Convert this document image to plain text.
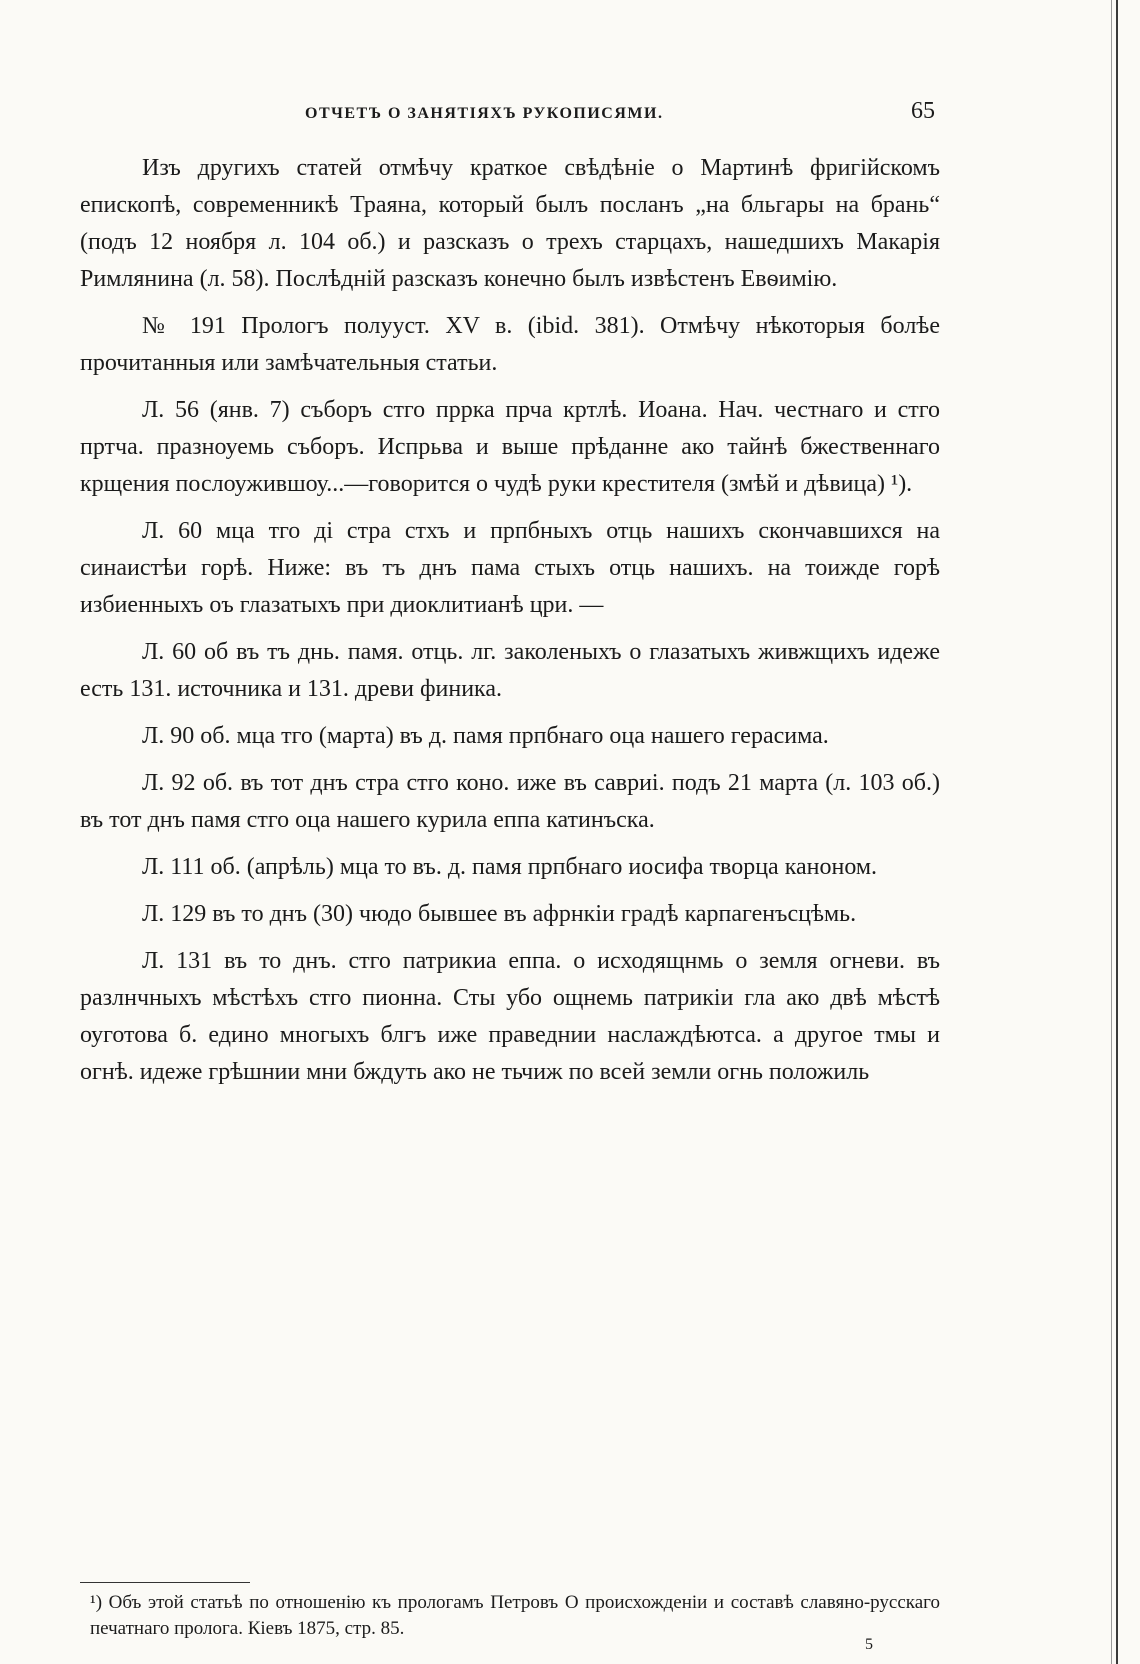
ОТЧЕТЪ О ЗАНЯТІЯХЪ РУКОПИСЯМИ.	65

Изъ другихъ статей отмѣчу краткое свѣдѣніе о Мартинѣ фригійскомъ епископѣ, современникѣ Траяна, который былъ посланъ „на бльгары на брань“ (подъ 12 ноября л. 104 об.) и разсказъ о трехъ старцахъ, нашедшихъ Макарія Римлянина (л. 58). Послѣдній разсказъ конечно былъ извѣстенъ Евѳимію.

№ 191 Прологъ полууст. XV в. (ibid. 381). Отмѣчу нѣкоторыя болѣе прочитанныя или замѣчательныя статьи.

Л. 56 (янв. 7) съборъ стго пррка прча кртлѣ. Иоана. Нач. честнаго и стго пртча. празноуемь съборъ. Испрьва и выше прѣданне ако тайнѣ бжественнаго крщения послоужившоу...—говорится о чудѣ руки крестителя (змѣй и дѣвица) ¹).

Л. 60 мца тго ді стра стхъ и прпбныхъ отць нашихъ скончавшихся на синаистѣи горѣ. Ниже: въ тъ днъ пама стыхъ отць нашихъ. на тоижде горѣ избиенныхъ оъ глазатыхъ при диоклитианѣ цри. —

Л. 60 об въ тъ днь. памя. отць. лг. заколеныхъ о глазатыхъ живжщихъ идеже есть 131. источника и 131. древи финика.

Л. 90 об. мца тго (марта) въ д. памя прпбнаго оца нашего герасима.

Л. 92 об. въ тот днъ стра стго коно. иже въ савриі. подъ 21 марта (л. 103 об.) въ тот днъ памя стго оца нашего курила еппа катинъска.

Л. 111 об. (апрѣль) мца то въ. д. памя прпбнаго иосифа творца каноном.

Л. 129 въ то днъ (30) чюдо бывшее въ афрнкіи градѣ карпагенъсцѣмь.

Л. 131 въ то днъ. стго патрикиа еппа. о исходящнмь о земля огневи. въ разлнчныхъ мѣстѣхъ стго пионна. Сты убо ощнемь патрикіи гла ако двѣ мѣстѣ оуготова б. едино многыхъ блгъ иже праведнии наслаждѣютса. а другое тмы и огнѣ. идеже грѣшнии мни бждуть ако не тьчиж по всей земли огнь положиль

¹) Объ этой статьѣ по отношенію къ прологамъ Петровъ О происхожденіи и составѣ славяно-русскаго печатнаго пролога. Кіевъ 1875, стр. 85.
5
